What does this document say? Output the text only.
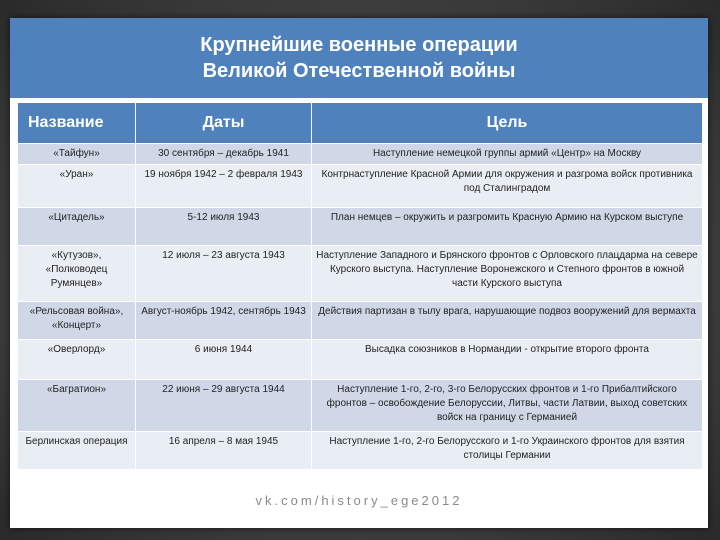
Крупнейшие военные операции
Великой Отечественной войны
Название	Даты	Цель
«Тайфун»	30 сентября – декабрь 1941	Наступление немецкой группы армий «Центр» на Москву
«Уран»	19 ноября 1942 – 2 февраля 1943	Контрнаступление Красной Армии для окружения и разгрома войск противника под Сталинградом
«Цитадель»	5-12 июля 1943	План немцев – окружить и разгромить Красную Армию на Курском выступе
«Кутузов», «Полководец Румянцев»	12 июля – 23 августа 1943	Наступление Западного и Брянского фронтов с Орловского плацдарма на севере Курского выступа. Наступление Воронежского и Степного фронтов в южной части Курского выступа
«Рельсовая война», «Концерт»	Август-ноябрь 1942, сентябрь 1943	Действия партизан в тылу врага, нарушающие подвоз вооружений для вермахта
«Оверлорд»	6 июня 1944	Высадка союзников в Нормандии - открытие второго фронта
«Багратион»	22 июня – 29 августа 1944	Наступление 1-го, 2-го, 3-го Белорусских фронтов и 1-го Прибалтийского фронтов – освобождение Белоруссии, Литвы, части Латвии, выход советских войск на границу с Германией
Берлинская операция	16 апреля – 8 мая 1945	Наступление 1-го, 2-го Белорусского и 1-го Украинского фронтов для взятия столицы Германии
vk.com/history_ege2012
